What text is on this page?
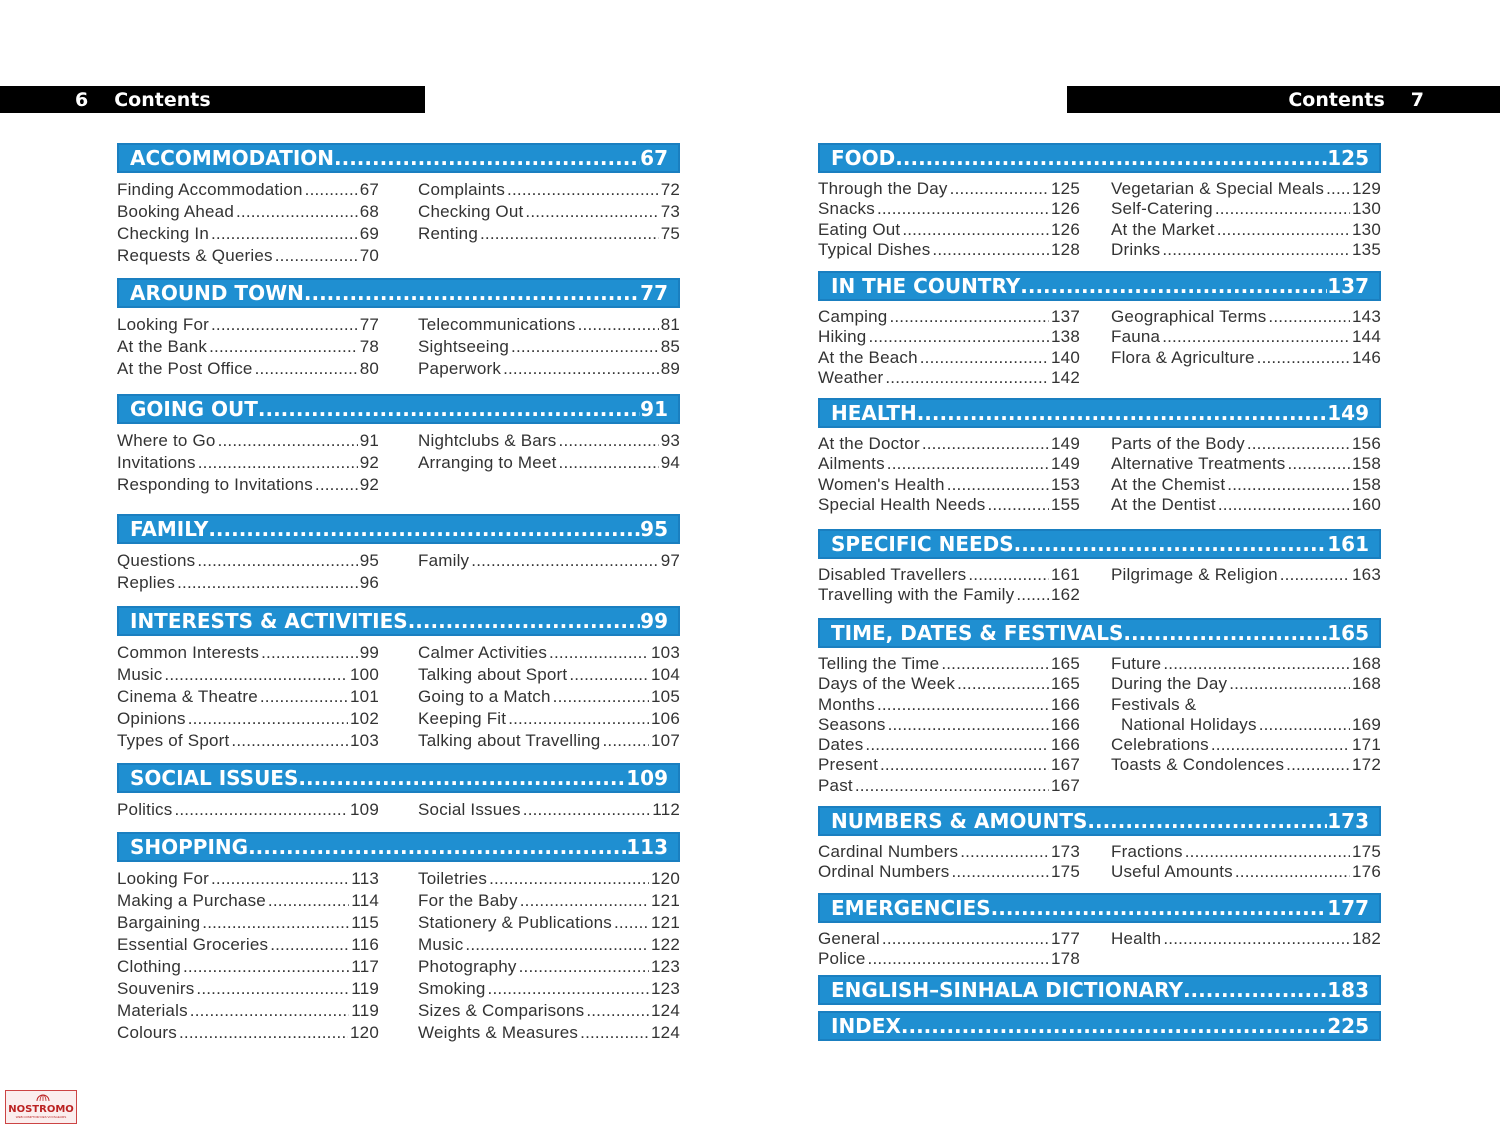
6 Contents	Contents 7
ACCOMMODATION .....	67
Finding Accommodation .....	67
Booking Ahead .....	68
Checking In .....	69
Requests & Queries .....	70
Complaints .....	72
Checking Out .....	73
Renting .....	75
AROUND TOWN .....	77
Looking For .....	77
At the Bank .....	78
At the Post Office .....	80
Telecommunications .....	81
Sightseeing .....	85
Paperwork .....	89
GOING OUT .....	91
Where to Go .....	91
Invitations .....	92
Responding to Invitations .....	92
Nightclubs & Bars .....	93
Arranging to Meet .....	94
FAMILY .....	95
Questions .....	95
Replies .....	96
Family .....	97
INTERESTS & ACTIVITIES .....	99
Common Interests .....	99
Music .....	100
Cinema & Theatre .....	101
Opinions .....	102
Types of Sport .....	103
Calmer Activities .....	103
Talking about Sport .....	104
Going to a Match .....	105
Keeping Fit .....	106
Talking about Travelling .....	107
SOCIAL ISSUES .....	109
Politics .....	109 Social Issues .....	112
SHOPPING .....	113
Looking For .....	113
Making a Purchase .....	114
Bargaining .....	115
Essential Groceries .....	116
Clothing .....	117
Souvenirs .....	119
Materials .....	119
Colours .....	120
Toiletries .....	120
For the Baby .....	121
Stationery & Publications ..... 121
Music .....	122
Photography .....	123
Smoking .....	123
Sizes & Comparisons .....	124
Weights & Measures .....	124
FOOD .....	125
Through the Day .....	125
Snacks .....	126
Eating Out .....	126
Typical Dishes .....	128
Vegetarian & Special Meals ..... 129
Self-Catering .....	130
At the Market .....	130
Drinks .....	135
IN THE COUNTRY .....	137
Camping .....	137
Hiking .....	138
At the Beach .....	140
Weather .....	142
Geographical Terms .....	143
Fauna .....	144
Flora & Agriculture .....	146
HEALTH .....	149
At the Doctor .....	149
Ailments .....	149
Women's Health .....	153
Special Health Needs .....	155
Parts of the Body .....	156
Alternative Treatments .....	158
At the Chemist .....	158
At the Dentist .....	160
SPECIFIC NEEDS .....	161
Disabled Travellers .....	161
Travelling with the Family ..... 162
Pilgrimage & Religion .....	163
TIME, DATES & FESTIVALS .....	165
Telling the Time .....	165
Days of the Week .....	165
Months .....	166
Seasons .....	166
Dates .....	166
Present .....	167
Past .....	167
Future .....	168
During the Day .....	168
Festivals &
National Holidays .....	169
Celebrations .....	171
Toasts & Condolences .....	172
NUMBERS & AMOUNTS .....	173
Cardinal Numbers .....	173
Ordinal Numbers .....	175
Fractions .....	175
Useful Amounts .....	176
EMERGENCIES .....	177
General .....	177
Police .....	178
Health .....	182
ENGLISH–SINHALA DICTIONARY .....	183
INDEX .....	225
NOSTROMO
WEB COMPTOIR DES VOYAGEURS
